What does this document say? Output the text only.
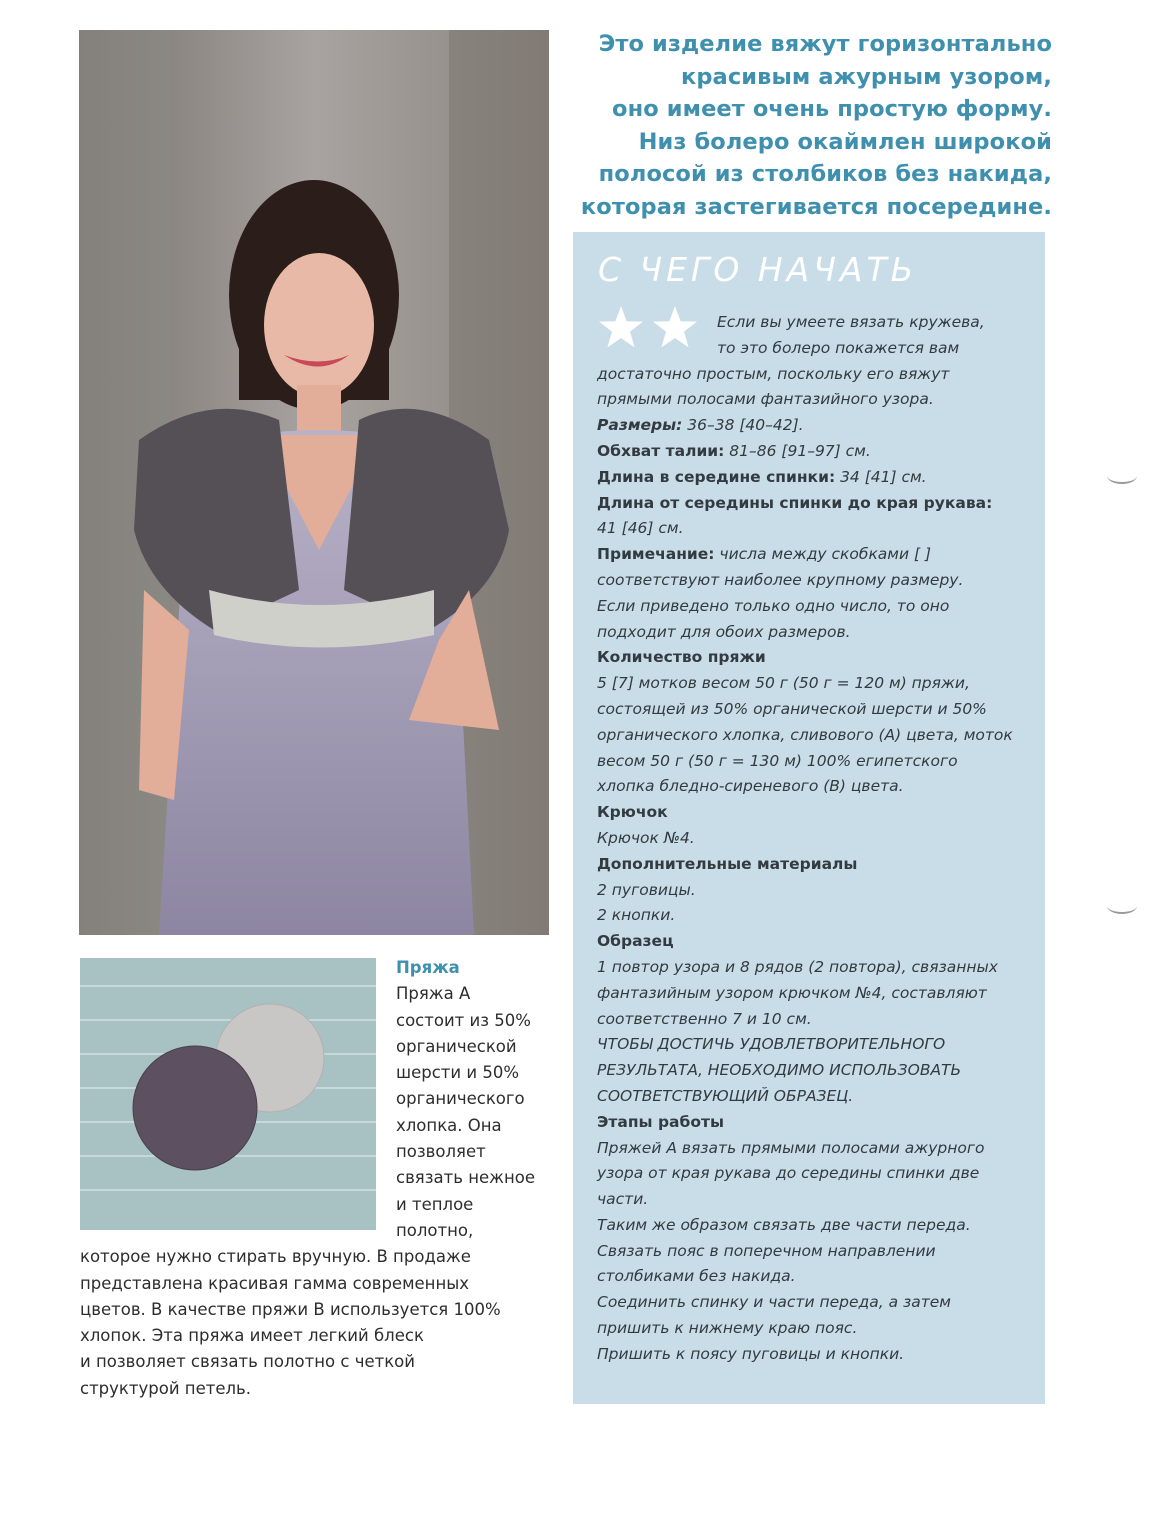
Это изделие вяжут горизонтально
красивым ажурным узором,
оно имеет очень простую форму.
Низ болеро окаймлен широкой
полосой из столбиков без накида,
которая застегивается посередине.
С ЧЕГО НАЧАТЬ
Если вы умеете вязать кружева,
то это болеро покажется вам
достаточно простым, поскольку его вяжут
прямыми полосами фантазийного узора.
Размеры: 36–38 [40–42].
Обхват талии: 81–86 [91–97] см.
Длина в середине спинки: 34 [41] см.
Длина от середины спинки до края рукава:
41 [46] см.
Примечание: числа между скобками [ ]
соответствуют наиболее крупному размеру.
Если приведено только одно число, то оно
подходит для обоих размеров.
Количество пряжи
5 [7] мотков весом 50 г (50 г = 120 м) пряжи,
состоящей из 50% органической шерсти и 50%
органического хлопка, сливового (А) цвета, моток
весом 50 г (50 г = 130 м) 100% египетского
хлопка бледно-сиреневого (В) цвета.
Крючок
Крючок №4.
Дополнительные материалы
2 пуговицы.
2 кнопки.
Образец
1 повтор узора и 8 рядов (2 повтора), связанных
фантазийным узором крючком №4, составляют
соответственно 7 и 10 см.
ЧТОБЫ ДОСТИЧЬ УДОВЛЕТВОРИТЕЛЬНОГО
РЕЗУЛЬТАТА, НЕОБХОДИМО ИСПОЛЬЗОВАТЬ
СООТВЕТСТВУЮЩИЙ ОБРАЗЕЦ.
Этапы работы
Пряжей А вязать прямыми полосами ажурного
узора от края рукава до середины спинки две
части.
Таким же образом связать две части переда.
Связать пояс в поперечном направлении
столбиками без накида.
Соединить спинку и части переда, а затем
пришить к нижнему краю пояс.
Пришить к поясу пуговицы и кнопки.
Пряжа
Пряжа А
состоит из 50%
органической
шерсти и 50%
органического
хлопка. Она
позволяет
связать нежное
и теплое
полотно,
которое нужно стирать вручную. В продаже
представлена красивая гамма современных
цветов. В качестве пряжи В используется 100%
хлопок. Эта пряжа имеет легкий блеск
и позволяет связать полотно с четкой
структурой петель.
